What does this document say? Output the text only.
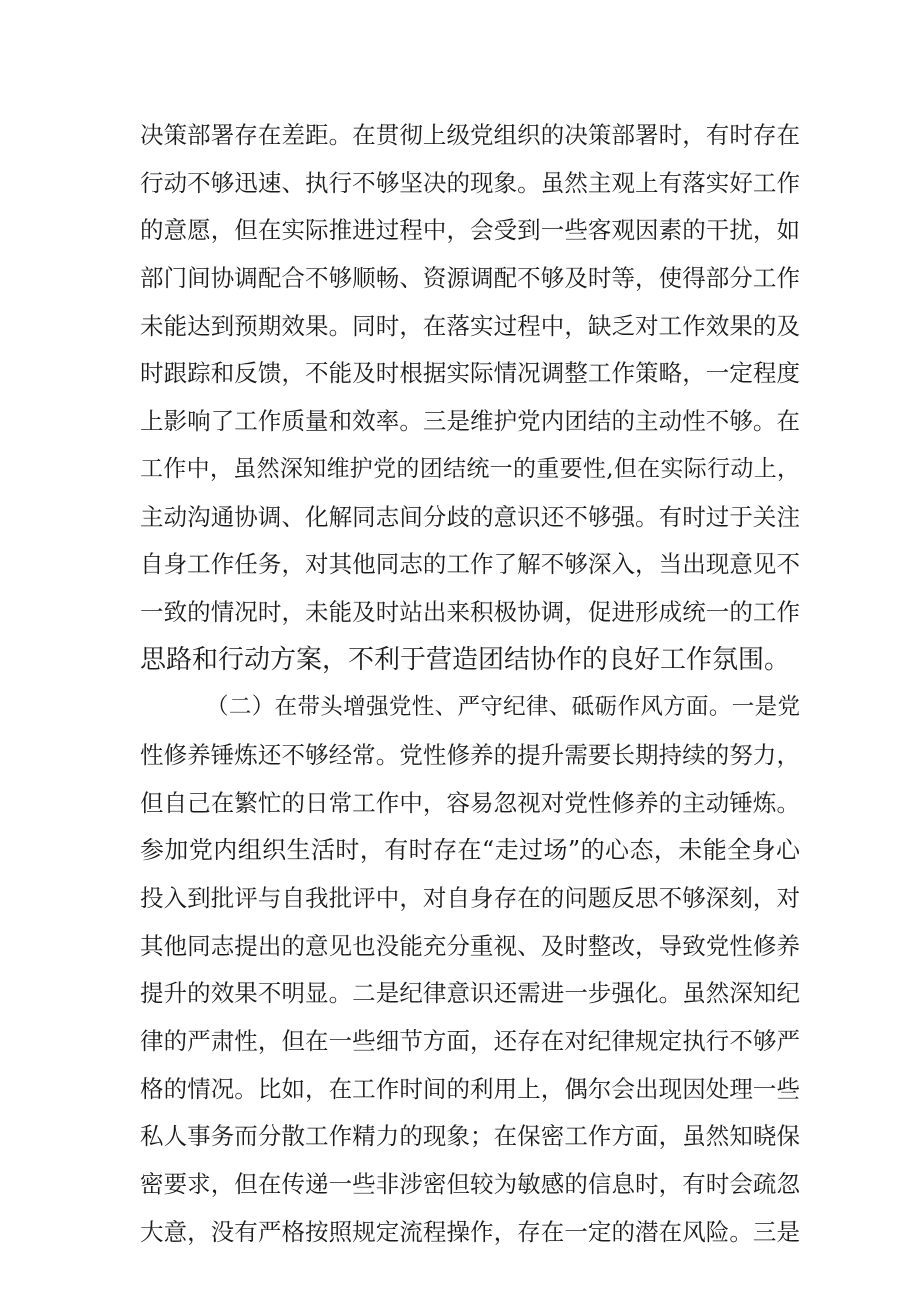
决策部署存在差距。在贯彻上级党组织的决策部署时，有时存在
行动不够迅速、执行不够坚决的现象。虽然主观上有落实好工作
的意愿，但在实际推进过程中，会受到一些客观因素的干扰，如
部门间协调配合不够顺畅、资源调配不够及时等，使得部分工作
未能达到预期效果。同时，在落实过程中，缺乏对工作效果的及
时跟踪和反馈，不能及时根据实际情况调整工作策略，一定程度
上影响了工作质量和效率。三是维护党内团结的主动性不够。在
工作中，虽然深知维护党的团结统一的重要性,但在实际行动上，
主动沟通协调、化解同志间分歧的意识还不够强。有时过于关注
自身工作任务，对其他同志的工作了解不够深入，当出现意见不
一致的情况时，未能及时站出来积极协调，促进形成统一的工作
思路和行动方案，不利于营造团结协作的良好工作氛围。
（二）在带头增强党性、严守纪律、砥砺作风方面。一是党
性修养锤炼还不够经常。党性修养的提升需要长期持续的努力，
但自己在繁忙的日常工作中，容易忽视对党性修养的主动锤炼。
参加党内组织生活时，有时存在“走过场”的心态，未能全身心
投入到批评与自我批评中，对自身存在的问题反思不够深刻，对
其他同志提出的意见也没能充分重视、及时整改，导致党性修养
提升的效果不明显。二是纪律意识还需进一步强化。虽然深知纪
律的严肃性，但在一些细节方面，还存在对纪律规定执行不够严
格的情况。比如，在工作时间的利用上，偶尔会出现因处理一些
私人事务而分散工作精力的现象；在保密工作方面，虽然知晓保
密要求，但在传递一些非涉密但较为敏感的信息时，有时会疏忽
大意，没有严格按照规定流程操作，存在一定的潜在风险。三是
